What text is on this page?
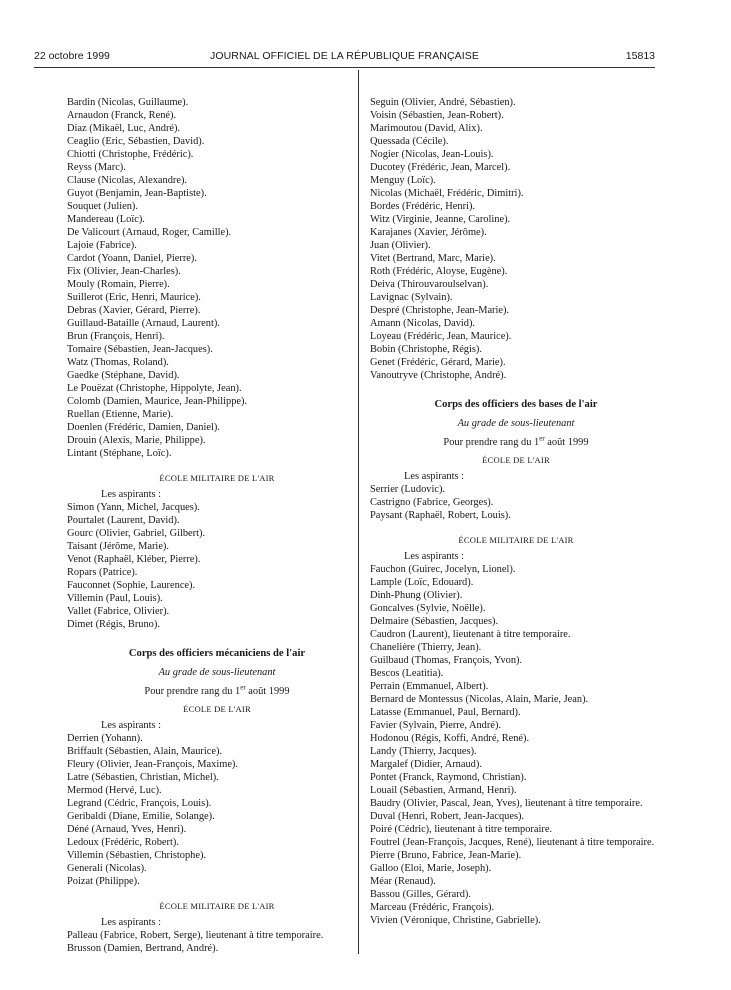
22 octobre 1999	JOURNAL OFFICIEL DE LA RÉPUBLIQUE FRANÇAISE	15813
Bardin (Nicolas, Guillaume).
Arnaudon (Franck, René).
Diaz (Mikaël, Luc, André).
Ceaglio (Eric, Sébastien, David).
Chiotti (Christophe, Frédéric).
Reyss (Marc).
Clause (Nicolas, Alexandre).
Guyot (Benjamin, Jean-Baptiste).
Souquet (Julien).
Mandereau (Loïc).
De Valicourt (Arnaud, Roger, Camille).
Lajoie (Fabrice).
Cardot (Yoann, Daniel, Pierre).
Fix (Olivier, Jean-Charles).
Mouly (Romain, Pierre).
Suillerot (Eric, Henri, Maurice).
Debras (Xavier, Gérard, Pierre).
Guillaud-Bataille (Arnaud, Laurent).
Brun (François, Henri).
Tomaire (Sébastien, Jean-Jacques).
Watz (Thomas, Roland).
Gaedke (Stéphane, David).
Le Pouëzat (Christophe, Hippolyte, Jean).
Colomb (Damien, Maurice, Jean-Philippe).
Ruellan (Etienne, Marie).
Doenlen (Frédéric, Damien, Daniel).
Drouin (Alexis, Marie, Philippe).
Lintant (Stéphane, Loïc).
ÉCOLE MILITAIRE DE L'AIR
Les aspirants :
Simon (Yann, Michel, Jacques).
Pourtalet (Laurent, David).
Gourc (Olivier, Gabriel, Gilbert).
Taisant (Jérôme, Marie).
Venot (Raphaël, Kléber, Pierre).
Ropars (Patrice).
Fauconnet (Sophie, Laurence).
Villemin (Paul, Louis).
Vallet (Fabrice, Olivier).
Dimet (Régis, Bruno).
Corps des officiers mécaniciens de l'air
Au grade de sous-lieutenant
Pour prendre rang du 1er août 1999
ÉCOLE DE L'AIR
Les aspirants :
Derrien (Yohann).
Briffault (Sébastien, Alain, Maurice).
Fleury (Olivier, Jean-François, Maxime).
Latre (Sébastien, Christian, Michel).
Mermod (Hervé, Luc).
Legrand (Cédric, François, Louis).
Geribaldi (Diane, Emilie, Solange).
Déné (Arnaud, Yves, Henri).
Ledoux (Frédéric, Robert).
Villemin (Sébastien, Christophe).
Generali (Nicolas).
Poizat (Philippe).
ÉCOLE MILITAIRE DE L'AIR
Les aspirants :
Palleau (Fabrice, Robert, Serge), lieutenant à titre temporaire.
Brusson (Damien, Bertrand, André).
Seguin (Olivier, André, Sébastien).
Voisin (Sébastien, Jean-Robert).
Marimoutou (David, Alix).
Quessada (Cécile).
Nogier (Nicolas, Jean-Louis).
Ducotey (Frédéric, Jean, Marcel).
Menguy (Loïc).
Nicolas (Michaël, Frédéric, Dimitri).
Bordes (Frédéric, Henri).
Witz (Virginie, Jeanne, Caroline).
Karajanes (Xavier, Jérôme).
Juan (Olivier).
Vitet (Bertrand, Marc, Marie).
Roth (Frédéric, Aloyse, Eugène).
Deiva (Thirouvaroulselvan).
Lavignac (Sylvain).
Despré (Christophe, Jean-Marie).
Amann (Nicolas, David).
Loyeau (Frédéric, Jean, Maurice).
Bobin (Christophe, Régis).
Genet (Frédéric, Gérard, Marie).
Vanoutryve (Christophe, André).
Corps des officiers des bases de l'air
Au grade de sous-lieutenant
Pour prendre rang du 1er août 1999
ÉCOLE DE L'AIR
Les aspirants :
Serrier (Ludovic).
Castrigno (Fabrice, Georges).
Paysant (Raphaël, Robert, Louis).
ÉCOLE MILITAIRE DE L'AIR
Les aspirants :
Fauchon (Guirec, Jocelyn, Lionel).
Lample (Loïc, Edouard).
Dinh-Phung (Olivier).
Goncalves (Sylvie, Noëlle).
Delmaire (Sébastien, Jacques).
Caudron (Laurent), lieutenant à titre temporaire.
Chanelière (Thierry, Jean).
Guilbaud (Thomas, François, Yvon).
Bescos (Leatitia).
Perrain (Emmanuel, Albert).
Bernard de Montessus (Nicolas, Alain, Marie, Jean).
Latasse (Emmanuel, Paul, Bernard).
Favier (Sylvain, Pierre, André).
Hodonou (Régis, Koffi, André, René).
Landy (Thierry, Jacques).
Margalef (Didier, Arnaud).
Pontet (Franck, Raymond, Christian).
Louail (Sébastien, Armand, Henri).
Baudry (Olivier, Pascal, Jean, Yves), lieutenant à titre temporaire.
Duval (Henri, Robert, Jean-Jacques).
Poiré (Cédric), lieutenant à titre temporaire.
Foutrel (Jean-François, Jacques, René), lieutenant à titre temporaire.
Pierre (Bruno, Fabrice, Jean-Marie).
Galloo (Eloi, Marie, Joseph).
Méar (Renaud).
Bassou (Gilles, Gérard).
Marceau (Frédéric, François).
Vivien (Véronique, Christine, Gabrielle).
